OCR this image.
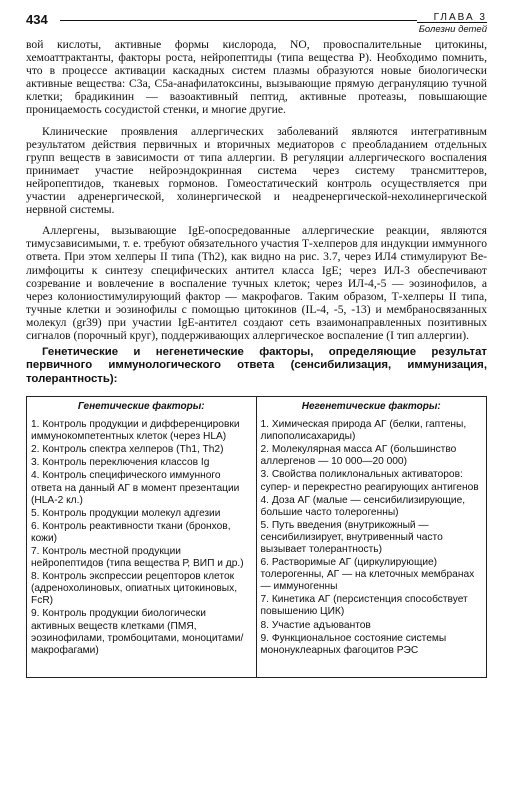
434	ГЛАВА 3
Болезни детей

вой кислоты, активные формы кислорода, NO, провоспалительные цитокины, хемоаттрактанты, факторы роста, нейропептиды (типа вещества Р). Необходимо помнить, что в процессе активации каскадных систем плазмы образуются новые биологически активные вещества: C3a, C5a-анафилатоксины, вызывающие прямую дегрануляцию тучной клетки; брадикинин — вазоактивный пептид, активные протеазы, повышающие проницаемость сосудистой стенки, и многие другие.

Клинические проявления аллергических заболеваний являются интегративным результатом действия первичных и вторичных медиаторов с преобладанием отдельных групп веществ в зависимости от типа аллергии. В регуляции аллергического воспаления принимает участие нейроэндокринная система через систему трансмиттеров, нейропептидов, тканевых гормонов. Гомеостатический контроль осуществляется при участии адренергической, холинергической и неадренергической-нехолинергической нервной системы.

Аллергены, вызывающие IgE-опосредованные аллергические реакции, являются тимусзависимыми, т. е. требуют обязательного участия Т-хелперов для индукции иммунного ответа. При этом хелперы II типа (Th2), как видно на рис. 3.7, через ИЛ4 стимулируют Ве-лимфоциты к синтезу специфических антител класса IgE; через ИЛ-3 обеспечивают созревание и вовлечение в воспаление тучных клеток; через ИЛ-4,-5 — эозинофилов, а через колониостимулирующий фактор — макрофагов. Таким образом, Т-хелперы II типа, тучные клетки и эозинофилы с помощью цитокинов (IL-4, -5, -13) и мембраносвязанных молекул (gr39) при участии IgE-антител создают сеть взаимонаправленных позитивных сигналов (порочный круг), поддерживающих аллергическое воспаление (I тип аллергии).

Генетические и негенетические факторы, определяющие результат первичного иммунологического ответа (сенсибилизация, иммунизация, толерантность):

Генетические факторы:
1. Контроль продукции и дифференцировки иммунокомпетентных клеток (через HLA)
2. Контроль спектра хелперов (Th1, Th2)
3. Контроль переключения классов Ig
4. Контроль специфического иммунного ответа на данный АГ в момент презентации (HLA-2 кл.)
5. Контроль продукции молекул адгезии
6. Контроль реактивности ткани (бронхов, кожи)
7. Контроль местной продукции нейропептидов (типа вещества Р, ВИП и др.)
8. Контроль экспрессии рецепторов клеток (адренохолиновых, опиатных цитокиновых, FcR)
9. Контроль продукции биологически активных веществ клетками (ПМЯ, эозинофилами, тромбоцитами, моноцитами/макрофагами)
Негенетические факторы:
1. Химическая природа АГ (белки, гаптены, липополисахариды)
2. Молекулярная масса АГ (большинство аллергенов — 10 000—20 000)
3. Свойства поликлональных активаторов: супер- и перекрестно реагирующих антигенов
4. Доза АГ (малые — сенсибилизирующие, большие часто толерогенны)
5. Путь введения (внутрикожный — сенсибилизирует, внутривенный часто вызывает толерантность)
6. Растворимые АГ (циркулирующие) толерогенны, АГ — на клеточных мембранах — иммуногенны
7. Кинетика АГ (персистенция способствует повышению ЦИК)
8. Участие адъювантов
9. Функциональное состояние системы мононуклеарных фагоцитов РЭС
